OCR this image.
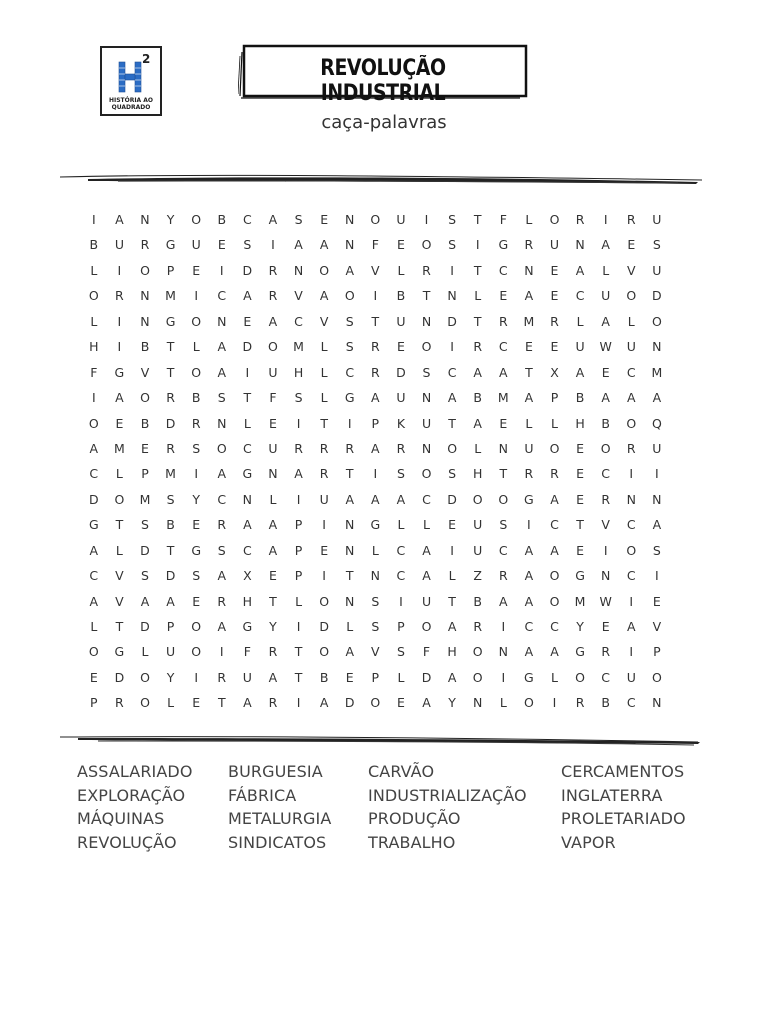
2
HISTÓRIA AO
QUADRADO
REVOLUÇÃO INDUSTRIAL
caça-palavras
I	A	N	Y	O	B	C	A	S	E	N	O	U	I	S	T	F	L	O	R	I	R	U
B	U	R	G	U	E	S	I	A	A	N	F	E	O	S	I	G	R	U	N	A	E	S
L	I	O	P	E	I	D	R	N	O	A	V	L	R	I	T	C	N	E	A	L	V	U
O	R	N	M	I	C	A	R	V	A	O	I	B	T	N	L	E	A	E	C	U	O	D
L	I	N	G	O	N	E	A	C	V	S	T	U	N	D	T	R	M	R	L	A	L	O
H	I	B	T	L	A	D	O	M	L	S	R	E	O	I	R	C	E	E	U	W	U	N
F	G	V	T	O	A	I	U	H	L	C	R	D	S	C	A	A	T	X	A	E	C	M
I	A	O	R	B	S	T	F	S	L	G	A	U	N	A	B	M	A	P	B	A	A	A
O	E	B	D	R	N	L	E	I	T	I	P	K	U	T	A	E	L	L	H	B	O	Q
A	M	E	R	S	O	C	U	R	R	R	A	R	N	O	L	N	U	O	E	O	R	U
C	L	P	M	I	A	G	N	A	R	T	I	S	O	S	H	T	R	R	E	C	I	I
D	O	M	S	Y	C	N	L	I	U	A	A	A	C	D	O	O	G	A	E	R	N	N
G	T	S	B	E	R	A	A	P	I	N	G	L	L	E	U	S	I	C	T	V	C	A
A	L	D	T	G	S	C	A	P	E	N	L	C	A	I	U	C	A	A	E	I	O	S
C	V	S	D	S	A	X	E	P	I	T	N	C	A	L	Z	R	A	O	G	N	C	I
A	V	A	A	E	R	H	T	L	O	N	S	I	U	T	B	A	A	O	M	W	I	E
L	T	D	P	O	A	G	Y	I	D	L	S	P	O	A	R	I	C	C	Y	E	A	V
O	G	L	U	O	I	F	R	T	O	A	V	S	F	H	O	N	A	A	G	R	I	P
E	D	O	Y	I	R	U	A	T	B	E	P	L	D	A	O	I	G	L	O	C	U	O
P	R	O	L	E	T	A	R	I	A	D	O	E	A	Y	N	L	O	I	R	B	C	N
ASSALARIADO
EXPLORAÇÃO
MÁQUINAS
REVOLUÇÃO
BURGUESIA
FÁBRICA
METALURGIA
SINDICATOS
CARVÃO
INDUSTRIALIZAÇÃO
PRODUÇÃO
TRABALHO
CERCAMENTOS
INGLATERRA
PROLETARIADO
VAPOR
